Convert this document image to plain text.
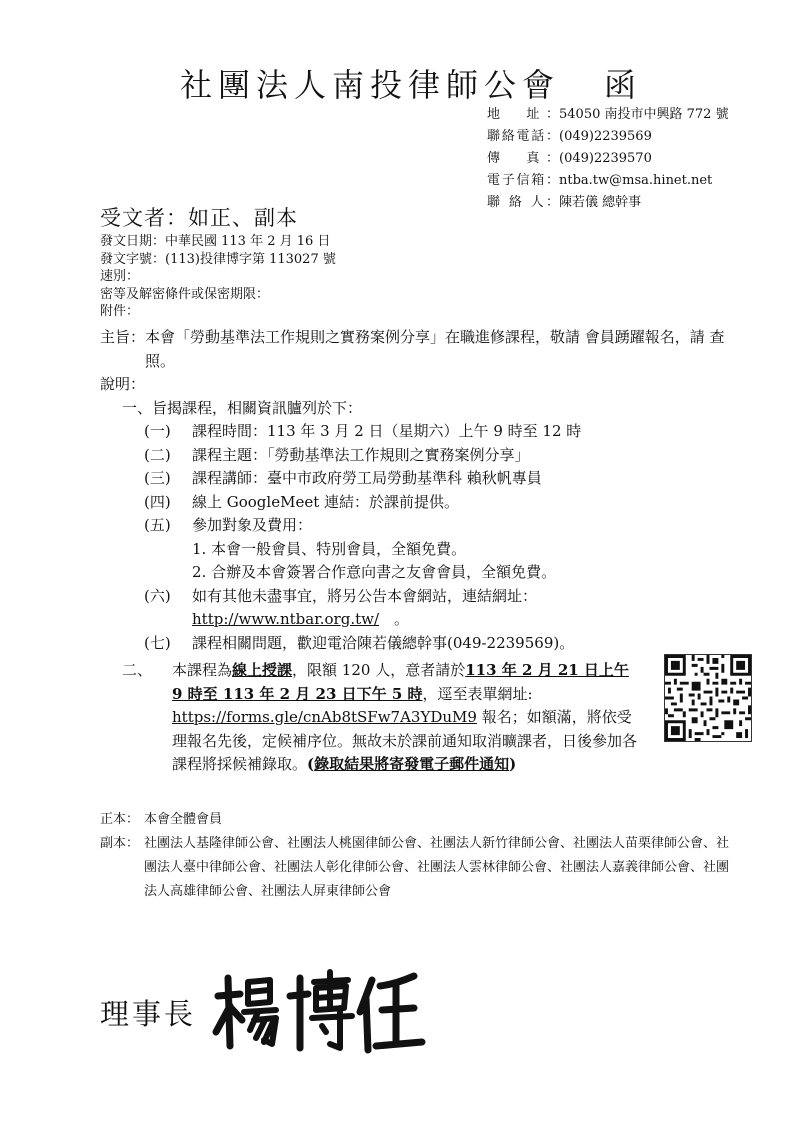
社團法人南投律師公會 函
地　址：54050 南投市中興路 772 號
聯絡電話：(049)2239569
傳　真：(049)2239570
電子信箱：ntba.tw@msa.hinet.net
聯 絡 人：陳若儀 總幹事
受文者：如正、副本
發文日期：中華民國 113 年 2 月 16 日
發文字號：(113)投律博字第 113027 號
速別：
密等及解密條件或保密期限：
附件：
主旨： 本會「勞動基準法工作規則之實務案例分享」在職進修課程，敬請 會員踴躍報名，請 查照。
說明：
一、旨揭課程，相關資訊臚列於下：
(一)	課程時間：113 年 3 月 2 日（星期六）上午 9 時至 12 時
(二)	課程主題：「勞動基準法工作規則之實務案例分享」
(三)	課程講師：臺中市政府勞工局勞動基準科 賴秋帆專員
(四)	線上 GoogleMeet 連結：於課前提供。
(五)	參加對象及費用：
1. 本會一般會員、特別會員，全額免費。
2. 合辦及本會簽署合作意向書之友會會員，全額免費。
(六)	如有其他未盡事宜，將另公告本會網站，連結網址：
http://www.ntbar.org.tw/　 。
(七)	課程相關問題，歡迎電洽陳若儀總幹事(049-2239569)。
二、	本課程為線上授課，限額 120 人，意者請於113 年 2 月 21 日上午 9 時至 113 年 2 月 23 日下午 5 時，逕至表單網址: https://forms.gle/cnAb8tSFw7A3YDuM9 報名；如額滿，將依受理報名先後，定候補序位。無故未於課前通知取消曠課者，日後參加各課程將採候補錄取。(錄取結果將寄發電子郵件通知)
正本： 本會全體會員
副本： 社團法人基隆律師公會、社團法人桃園律師公會、社團法人新竹律師公會、社團法人苗栗律師公會、社團法人臺中律師公會、社團法人彰化律師公會、社團法人雲林律師公會、社團法人嘉義律師公會、社團法人高雄律師公會、社團法人屏東律師公會
理事長
